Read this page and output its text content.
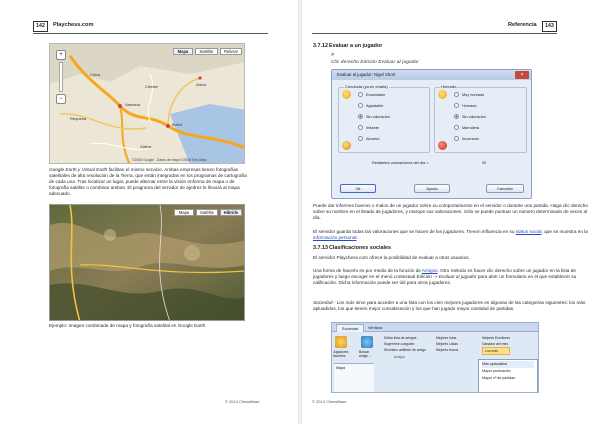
142	Playchess.com
+
−
Mapa	Satélite	Relieve
Valencia
Buñol
Cheste
Chiva
Requena
Xàtiva
Alzira
©2008 Google - Datos de mapa ©2008 Tele Atlas
Google Earth y Virtual Earth facilitan el mismo servicio. Ambas empresas tienen fotografías satelitales de alta resolución de la Tierra, que están integradas en los programas de cartografía de cada una. Tras localizar un lugar, puede alternar entre la visión enforma de mapa o de fotografía satélite o combinar ambas. El programa del servidor de ajedrez le llevará al mapa adecuado.
Mapa	Satélite	Híbrido
Ejemplo: Imagen combinada de mapa y fotografía satelital en Google Earth
© 2014 ChessBase
Referencia	143
© 2014 ChessBase
3.7.12Evaluar a un jugador
»
Clic derecho Edición Evaluar al jugador
Evaluar al jugador: Nigel Short	×
Conducta (ya en charla)	Honrado
Encantador
Agradable
Sin valoración
Irritante
Abusivo
Muy honrado
Honrado
Sin valoración
Marrullera
Incorrecto
Restantes valoraciones del día =	20
Ok	Ayuda	Cancelar
Puede dar informes buenos o malos de un jugador sobre su comportamiento en el servidor o durante una partida. Haga clic derecho sobre su nombre en el listado de jugadores, y marque sus valoraciones. Sólo se puede puntuar un número determinado de veces al día.
El servidor guarda todas las valoraciones que se hacen de los jugadores. Tienen influencia en su status social, que se muestra en la información personal.
3.7.13Clasificaciones sociales
El servidor Playchess.com ofrece la posibilidad de evaluar a otros usuarios.
Una forma de hacerlo es por medio de la función de Amigos. Otro método es hacer clic derecho sobre un jugador en la lista de jugadores y luego escoger en el menú contextual Edición -> Evaluar al jugador para abrir un formulario en el que establecer su calificación. Dicha información puede ser útil para otros jugadores.
Sociedad - Los más sirve para acceder a una lista con los cien mejores jugadores en algunas de las categorías siguientes: los más apluadidos, los que tienen mejor consideración y los que han jugado mayor cantidad de partidas.
Sociedad	Ventana
Jugadores favoritos
Buscar amigo...
Editar lista de amigos
Sugerirme a alguien
Sinónimo anfitrión de amigo
Amigos
Mejores fotos
Mejores Listas
Mejores trozos
Mejores Escritores
Ganador del mes
Los más
Mapa
Más aplaudidos
Mayor puntuación
Mayor nº de partidas
